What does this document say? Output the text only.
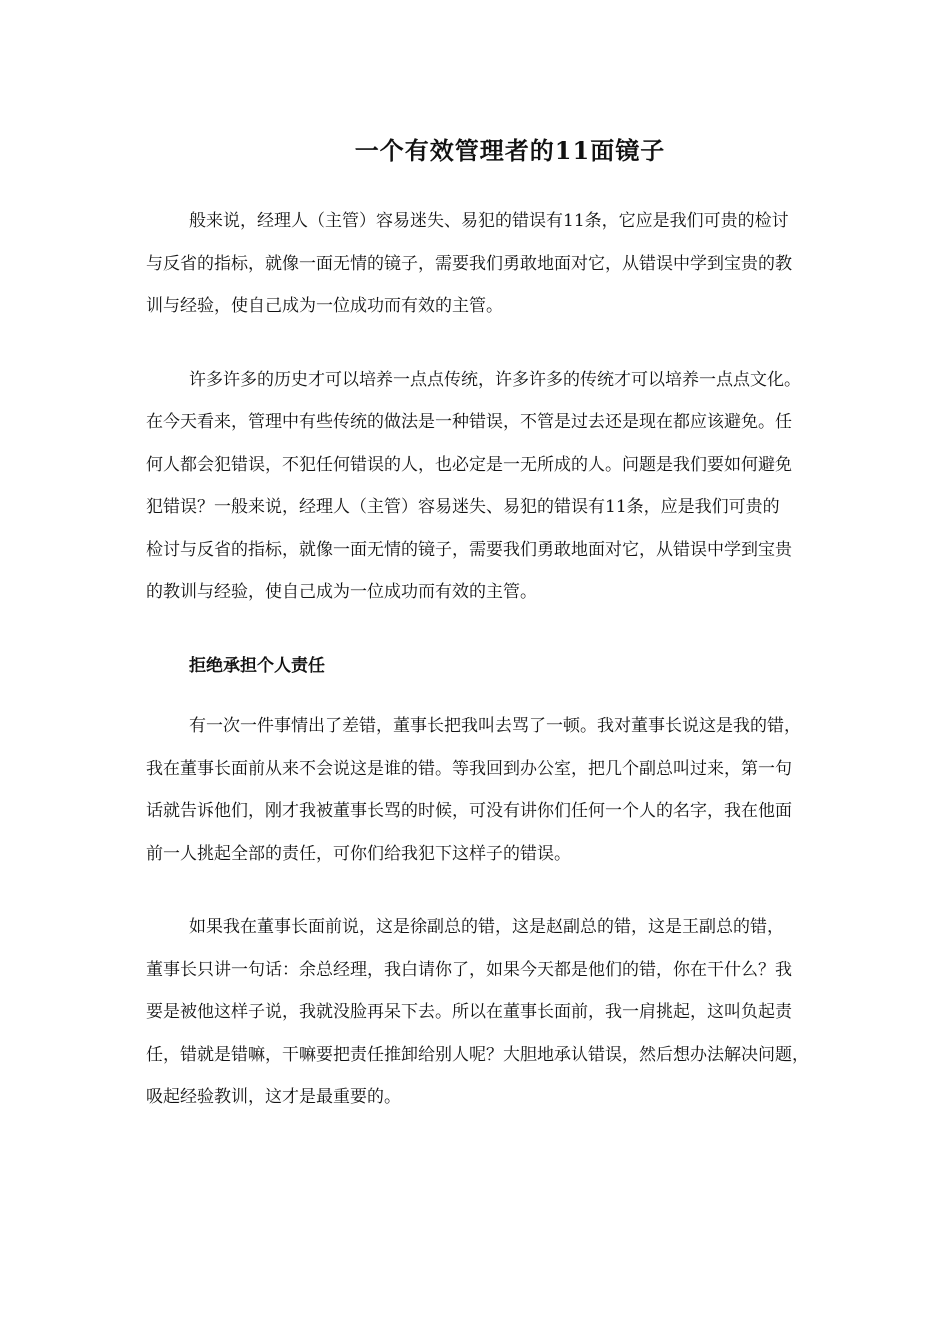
一个有效管理者的11面镜子

般来说，经理人（主管）容易迷失、易犯的错误有11条，它应是我们可贵的检讨
与反省的指标，就像一面无情的镜子，需要我们勇敢地面对它，从错误中学到宝贵的教
训与经验，使自己成为一位成功而有效的主管。

许多许多的历史才可以培养一点点传统，许多许多的传统才可以培养一点点文化。
在今天看来，管理中有些传统的做法是一种错误，不管是过去还是现在都应该避免。任
何人都会犯错误，不犯任何错误的人，也必定是一无所成的人。问题是我们要如何避免
犯错误？一般来说，经理人（主管）容易迷失、易犯的错误有11条，应是我们可贵的
检讨与反省的指标，就像一面无情的镜子，需要我们勇敢地面对它，从错误中学到宝贵
的教训与经验，使自己成为一位成功而有效的主管。

拒绝承担个人责任

有一次一件事情出了差错，董事长把我叫去骂了一顿。我对董事长说这是我的错，
我在董事长面前从来不会说这是谁的错。等我回到办公室，把几个副总叫过来，第一句
话就告诉他们，刚才我被董事长骂的时候，可没有讲你们任何一个人的名字，我在他面
前一人挑起全部的责任，可你们给我犯下这样子的错误。

如果我在董事长面前说，这是徐副总的错，这是赵副总的错，这是王副总的错，
董事长只讲一句话：余总经理，我白请你了，如果今天都是他们的错，你在干什么？我
要是被他这样子说，我就没脸再呆下去。所以在董事长面前，我一肩挑起，这叫负起责
任，错就是错嘛，干嘛要把责任推卸给别人呢？大胆地承认错误，然后想办法解决问题，
吸起经验教训，这才是最重要的。
